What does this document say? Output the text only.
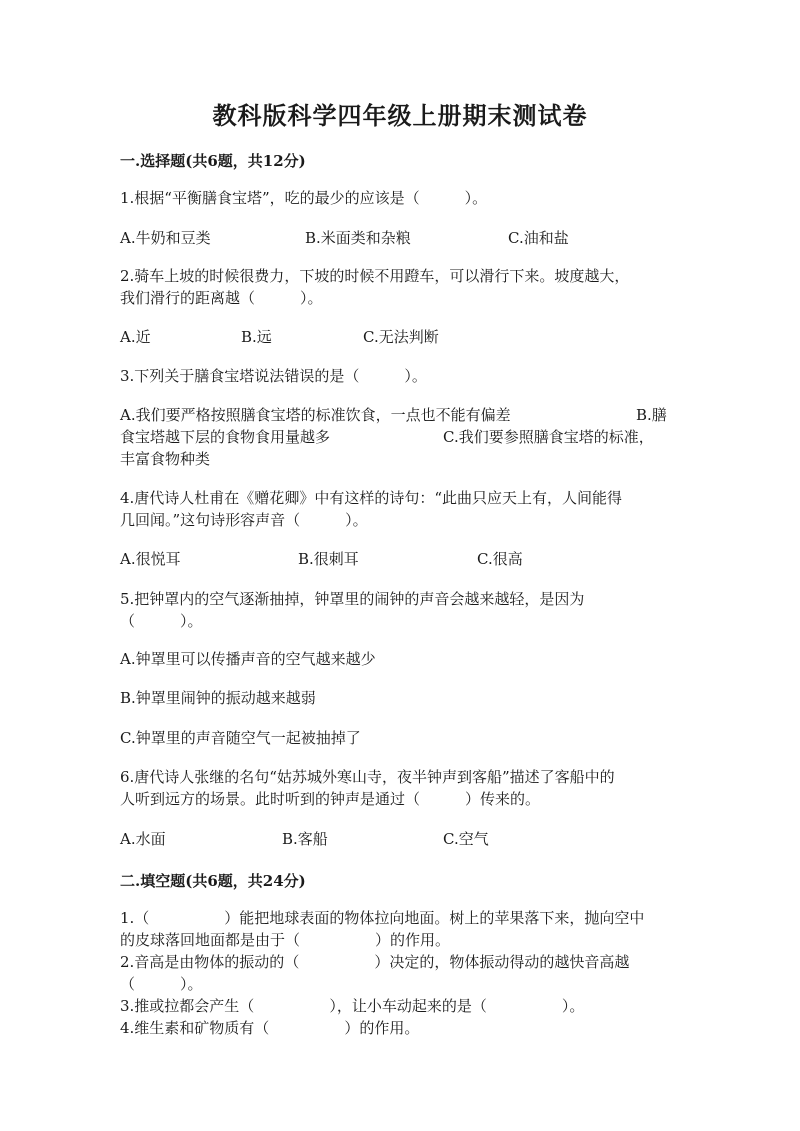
教科版科学四年级上册期末测试卷
一.选择题(共6题，共12分)
1.根据“平衡膳食宝塔”，吃的最少的应该是（　　　）。
A.牛奶和豆类	B.米面类和杂粮	C.油和盐
2.骑车上坡的时候很费力，下坡的时候不用蹬车，可以滑行下来。坡度越大，
我们滑行的距离越（　　　）。
A.近	B.远	C.无法判断
3.下列关于膳食宝塔说法错误的是（　　　）。
A.我们要严格按照膳食宝塔的标准饮食，一点也不能有偏差	B.膳
食宝塔越下层的食物食用量越多	C.我们要参照膳食宝塔的标准，
丰富食物种类
4.唐代诗人杜甫在《赠花卿》中有这样的诗句：“此曲只应天上有，人间能得
几回闻。”这句诗形容声音（　　　）。
A.很悦耳	B.很刺耳	C.很高
5.把钟罩内的空气逐渐抽掉，钟罩里的闹钟的声音会越来越轻，是因为
（　　　）。
A.钟罩里可以传播声音的空气越来越少
B.钟罩里闹钟的振动越来越弱
C.钟罩里的声音随空气一起被抽掉了
6.唐代诗人张继的名句“姑苏城外寒山寺，夜半钟声到客船”描述了客船中的
人听到远方的场景。此时听到的钟声是通过（　　　）传来的。
A.水面	B.客船	C.空气
二.填空题(共6题，共24分)
1.（　　　　　）能把地球表面的物体拉向地面。树上的苹果落下来，抛向空中
的皮球落回地面都是由于（　　　　　）的作用。
2.音高是由物体的振动的（　　　　　）决定的，物体振动得动的越快音高越
（　　　）。
3.推或拉都会产生（　　　　　），让小车动起来的是（　　　　　）。
4.维生素和矿物质有（　　　　　）的作用。
